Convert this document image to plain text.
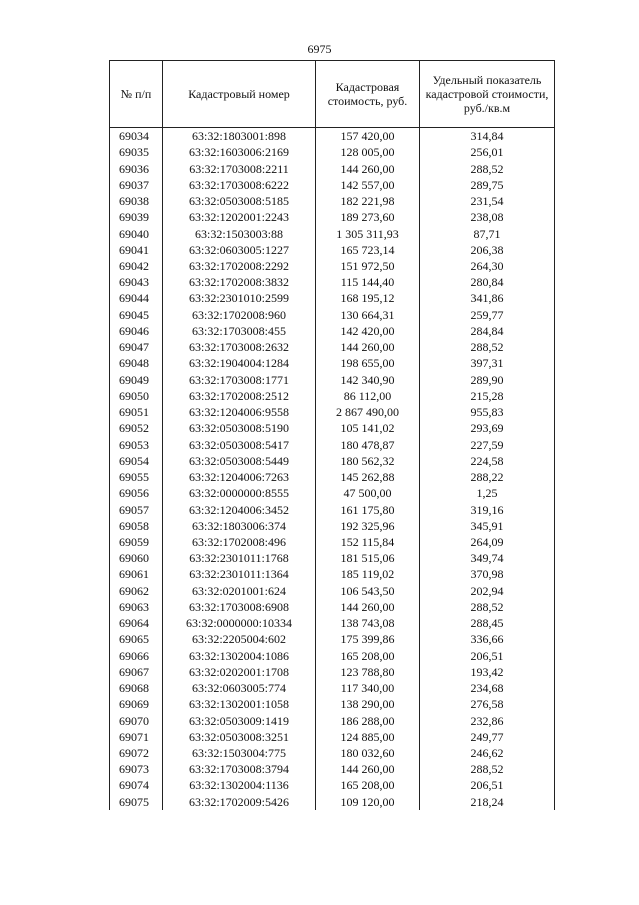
6975
№ п/п	Кадастровый номер	Кадастровая стоимость, руб.	Удельный показатель кадастровой стоимости, руб./кв.м
69034	63:32:1803001:898	157 420,00	314,84
69035	63:32:1603006:2169	128 005,00	256,01
69036	63:32:1703008:2211	144 260,00	288,52
69037	63:32:1703008:6222	142 557,00	289,75
69038	63:32:0503008:5185	182 221,98	231,54
69039	63:32:1202001:2243	189 273,60	238,08
69040	63:32:1503003:88	1 305 311,93	87,71
69041	63:32:0603005:1227	165 723,14	206,38
69042	63:32:1702008:2292	151 972,50	264,30
69043	63:32:1702008:3832	115 144,40	280,84
69044	63:32:2301010:2599	168 195,12	341,86
69045	63:32:1702008:960	130 664,31	259,77
69046	63:32:1703008:455	142 420,00	284,84
69047	63:32:1703008:2632	144 260,00	288,52
69048	63:32:1904004:1284	198 655,00	397,31
69049	63:32:1703008:1771	142 340,90	289,90
69050	63:32:1702008:2512	86 112,00	215,28
69051	63:32:1204006:9558	2 867 490,00	955,83
69052	63:32:0503008:5190	105 141,02	293,69
69053	63:32:0503008:5417	180 478,87	227,59
69054	63:32:0503008:5449	180 562,32	224,58
69055	63:32:1204006:7263	145 262,88	288,22
69056	63:32:0000000:8555	47 500,00	1,25
69057	63:32:1204006:3452	161 175,80	319,16
69058	63:32:1803006:374	192 325,96	345,91
69059	63:32:1702008:496	152 115,84	264,09
69060	63:32:2301011:1768	181 515,06	349,74
69061	63:32:2301011:1364	185 119,02	370,98
69062	63:32:0201001:624	106 543,50	202,94
69063	63:32:1703008:6908	144 260,00	288,52
69064	63:32:0000000:10334	138 743,08	288,45
69065	63:32:2205004:602	175 399,86	336,66
69066	63:32:1302004:1086	165 208,00	206,51
69067	63:32:0202001:1708	123 788,80	193,42
69068	63:32:0603005:774	117 340,00	234,68
69069	63:32:1302001:1058	138 290,00	276,58
69070	63:32:0503009:1419	186 288,00	232,86
69071	63:32:0503008:3251	124 885,00	249,77
69072	63:32:1503004:775	180 032,60	246,62
69073	63:32:1703008:3794	144 260,00	288,52
69074	63:32:1302004:1136	165 208,00	206,51
69075	63:32:1702009:5426	109 120,00	218,24
